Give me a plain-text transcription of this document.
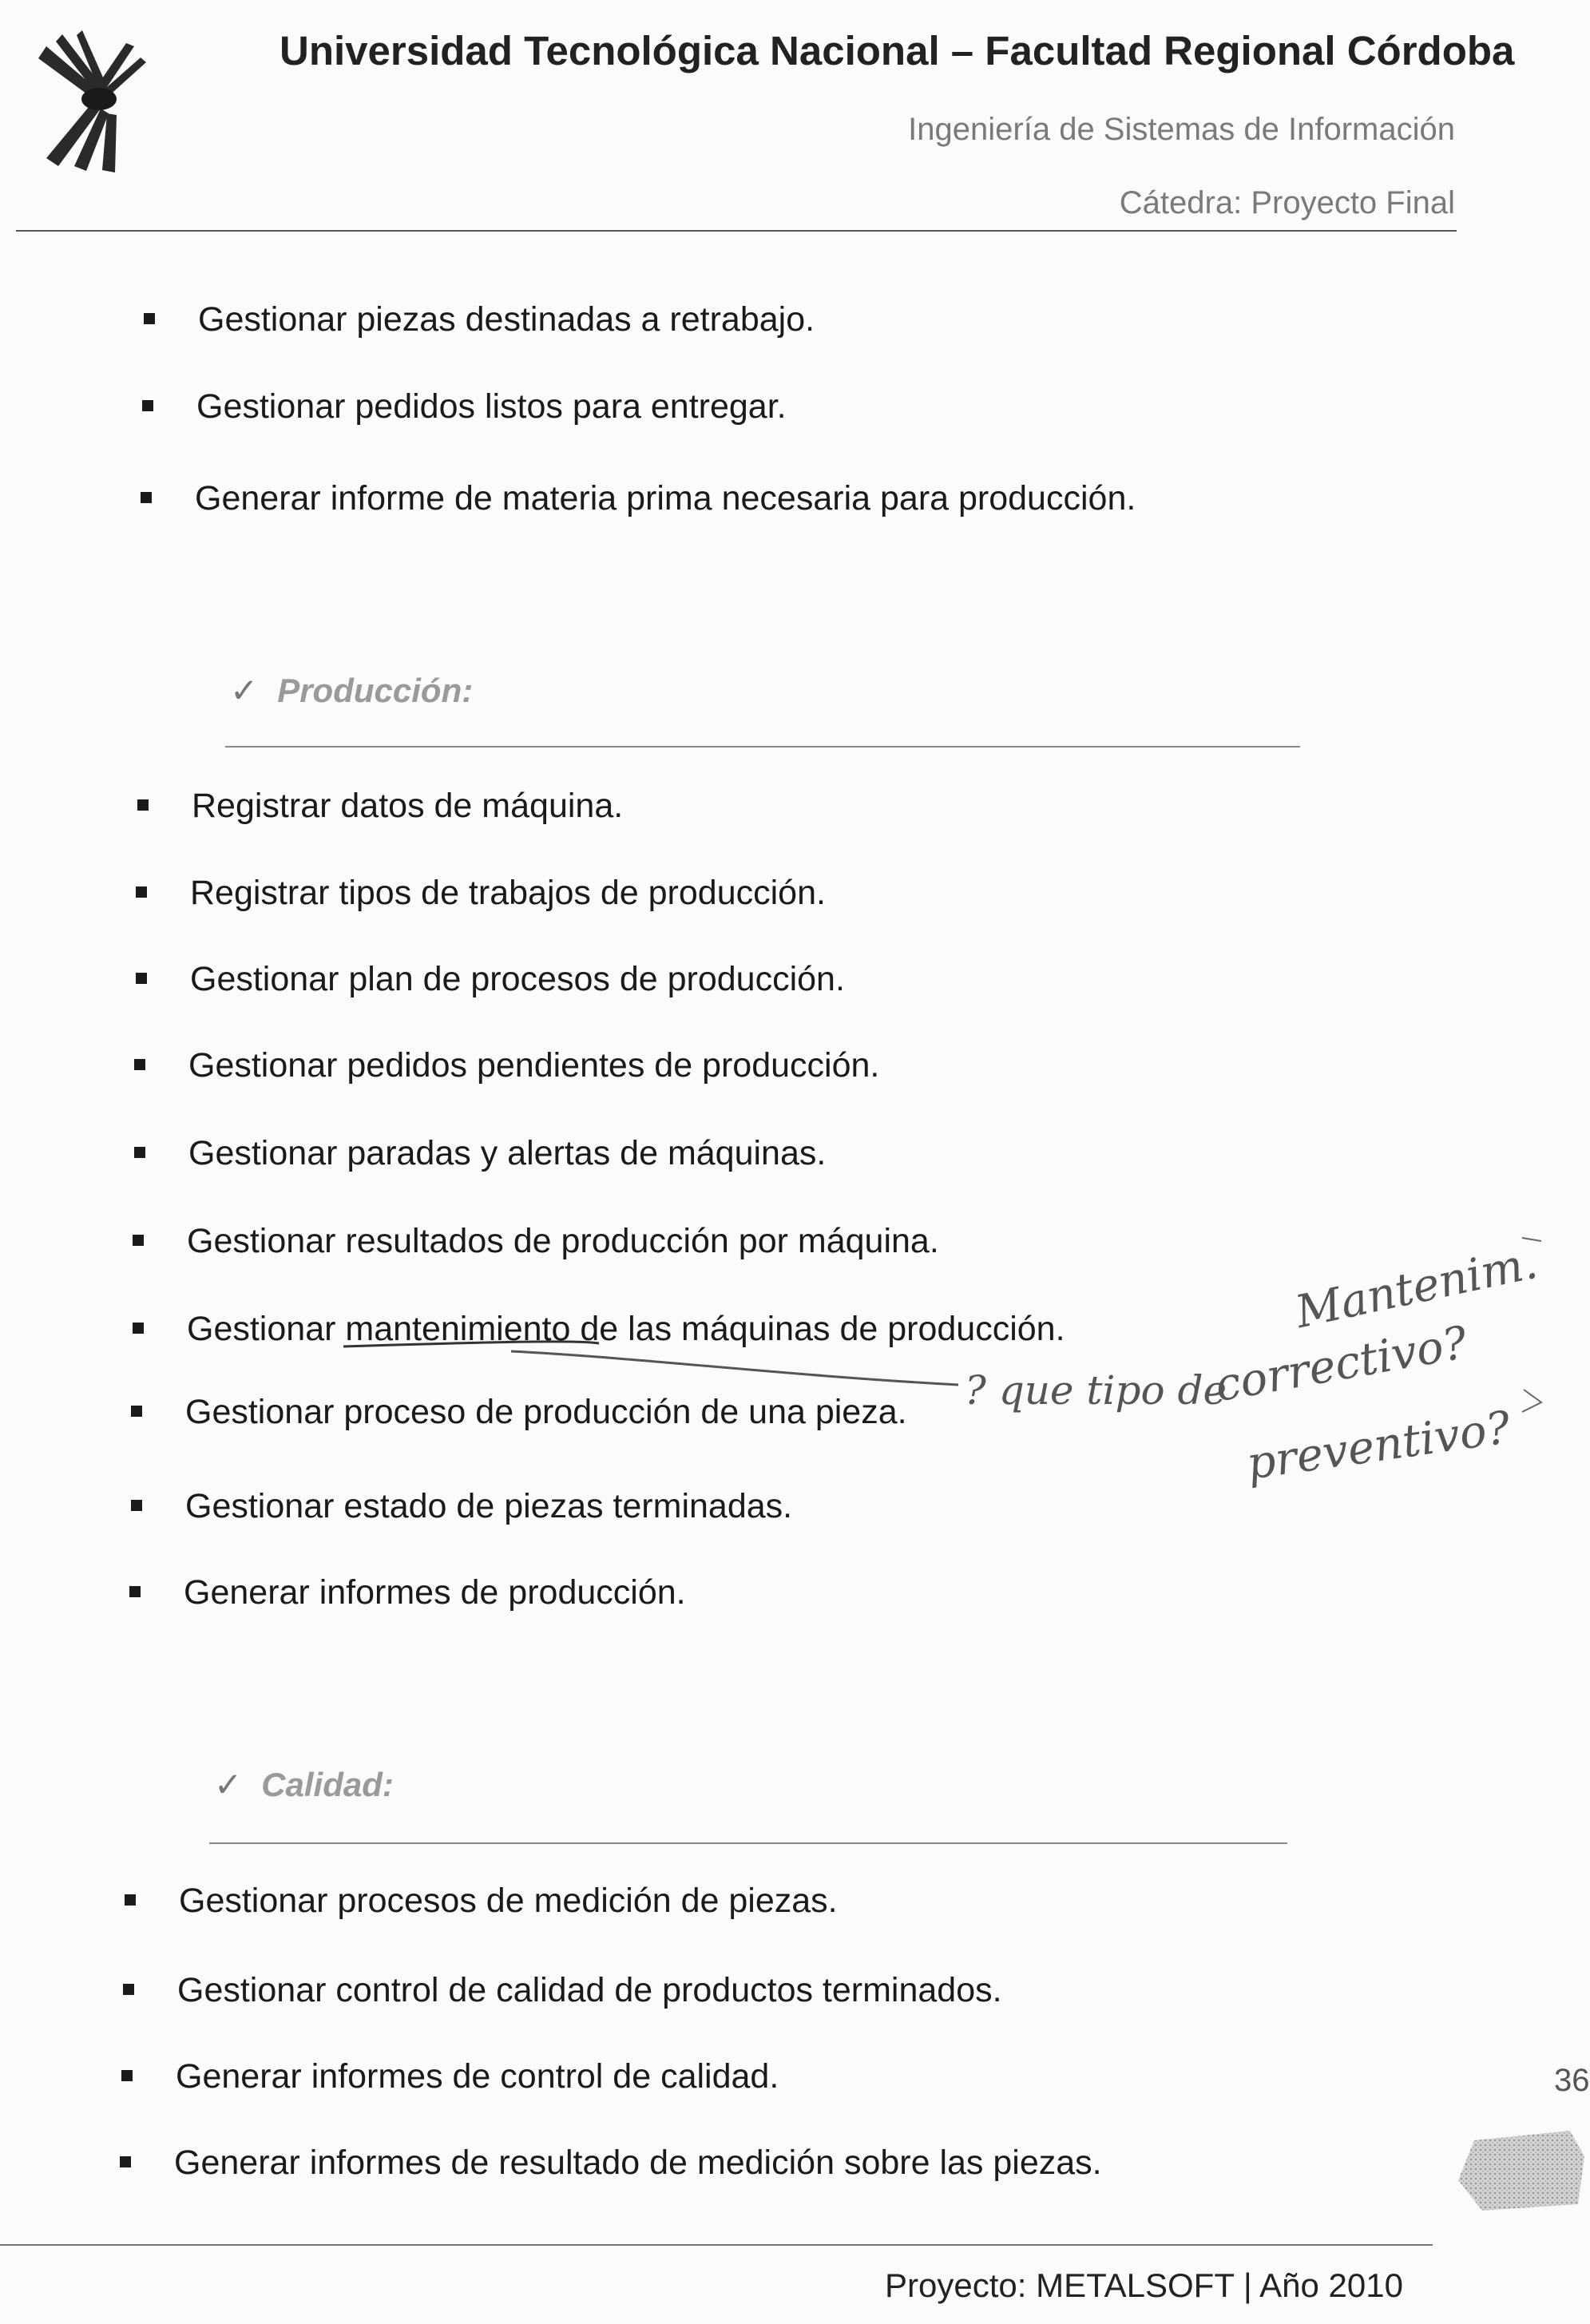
Universidad Tecnológica Nacional – Facultad Regional Córdoba
Ingeniería de Sistemas de Información
Cátedra: Proyecto Final
Gestionar piezas destinadas a retrabajo.
Gestionar pedidos listos para entregar.
Generar informe de materia prima necesaria para producción.
✓ Producción:
Registrar datos de máquina.
Registrar tipos de trabajos de producción.
Gestionar plan de procesos de producción.
Gestionar pedidos pendientes de producción.
Gestionar paradas y alertas de máquinas.
Gestionar resultados de producción por máquina.
Gestionar mantenimiento de las máquinas de producción.
Gestionar proceso de producción de una pieza.
Gestionar estado de piezas terminadas.
Generar informes de producción.
? que tipo de
Mantenim.
correctivo?
preventivo?
✓ Calidad:
Gestionar procesos de medición de piezas.
Gestionar control de calidad de productos terminados.
Generar informes de control de calidad.
Generar informes de resultado de medición sobre las piezas.
36
Proyecto: METALSOFT | Año 2010
